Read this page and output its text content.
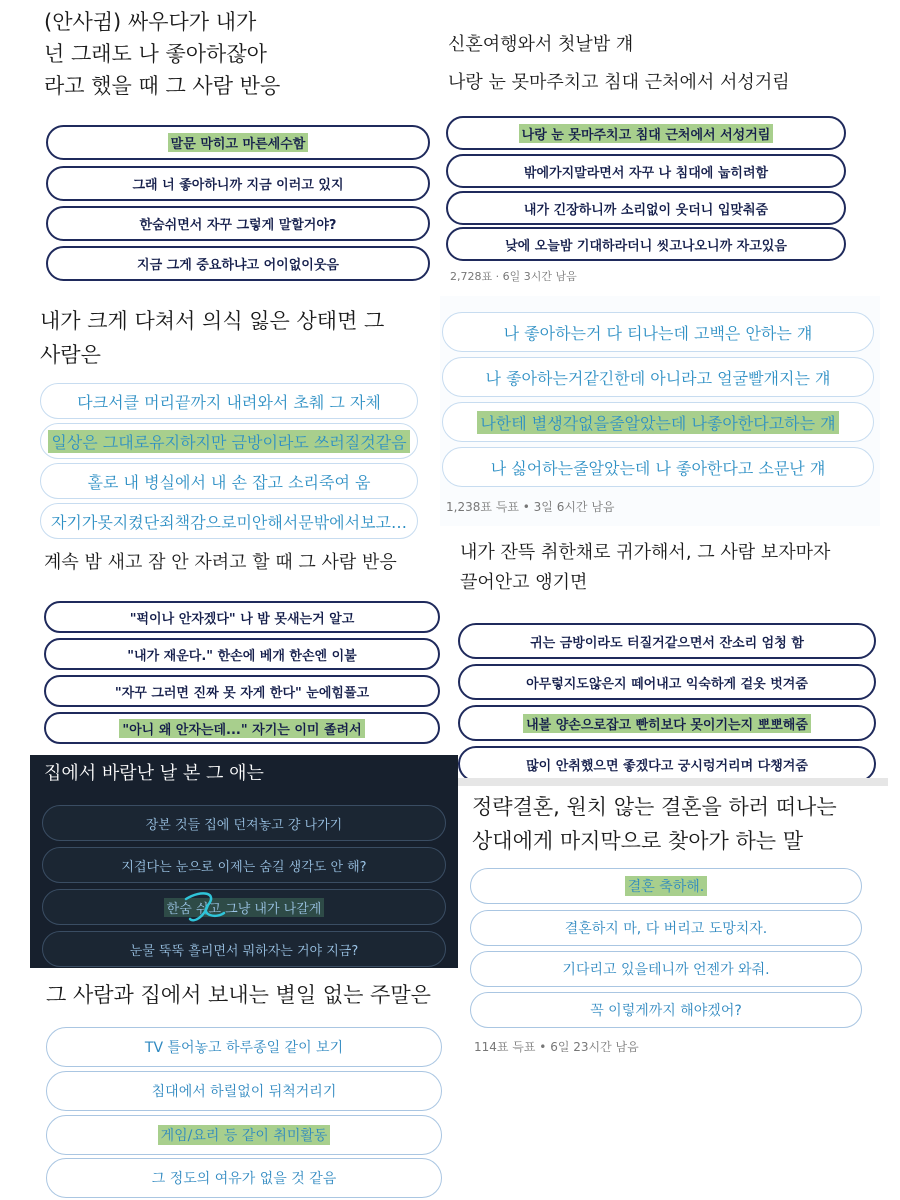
(안사귐) 싸우다가 내가
넌 그래도 나 좋아하잖아
라고 했을 때 그 사람 반응

말문 막히고 마른세수함
그래 너 좋아하니까 지금 이러고 있지
한숨쉬면서 자꾸 그렇게 말할거야?
지금 그게 중요하냐고 어이없이웃음

신혼여행와서 첫날밤 걔
나랑 눈 못마주치고 침대 근처에서 서성거림

나랑 눈 못마주치고 침대 근처에서 서성거림
밖에가지말라면서 자꾸 나 침대에 눕히려함
내가 긴장하니까 소리없이 웃더니 입맞춰줌
낮에 오늘밤 기대하라더니 씻고나오니까 자고있음

2,728표 · 6일 3시간 남음

내가 크게 다쳐서 의식 잃은 상태면 그
사람은

다크서클 머리끝까지 내려와서 초췌 그 자체
일상은 그대로유지하지만 금방이라도 쓰러질것같음
홀로 내 병실에서 내 손 잡고 소리죽여 움
자기가못지켰단죄책감으로미안해서문밖에서보고…
나 좋아하는거 다 티나는데 고백은 안하는 걔
나 좋아하는거같긴한데 아니라고 얼굴빨개지는 걔
나한테 별생각없을줄알았는데 나좋아한다고하는 걔
나 싫어하는줄알았는데 나 좋아한다고 소문난 걔

1,238표 득표 • 3일 6시간 남음

계속 밤 새고 잠 안 자려고 할 때 그 사람 반응

"퍽이나 안자겠다" 나 밤 못새는거 알고
"내가 재운다." 한손에 베개 한손엔 이불
"자꾸 그러면 진짜 못 자게 한다" 눈에힘풀고
"아니 왜 안자는데..." 자기는 이미 졸려서

내가 잔뜩 취한채로 귀가해서, 그 사람 보자마자
끌어안고 앵기면

귀는 금방이라도 터질거같으면서 잔소리 엄청 함
아무렇지도않은지 떼어내고 익숙하게 겉옷 벗겨줌
내볼 양손으로잡고 빤히보다 못이기는지 뽀뽀해줌
많이 안취했으면 좋겠다고 궁시렁거리며 다챙겨줌

집에서 바람난 날 본 그 애는

장본 것들 집에 던져놓고 걍 나가기
지겹다는 눈으로 이제는 숨길 생각도 안 해?
한숨 쉬고 그냥 내가 나갈게
눈물 뚝뚝 흘리면서 뭐하자는 거야 지금?

정략결혼, 원치 않는 결혼을 하러 떠나는
상대에게 마지막으로 찾아가 하는 말

결혼 축하해.
결혼하지 마, 다 버리고 도망치자.
기다리고 있을테니까 언젠가 와줘.
꼭 이렇게까지 해야겠어?

114표 득표 • 6일 23시간 남음

그 사람과 집에서 보내는 별일 없는 주말은

TV 틀어놓고 하루종일 같이 보기
침대에서 하릴없이 뒤척거리기
게임/요리 등 같이 취미활동
그 정도의 여유가 없을 것 같음
